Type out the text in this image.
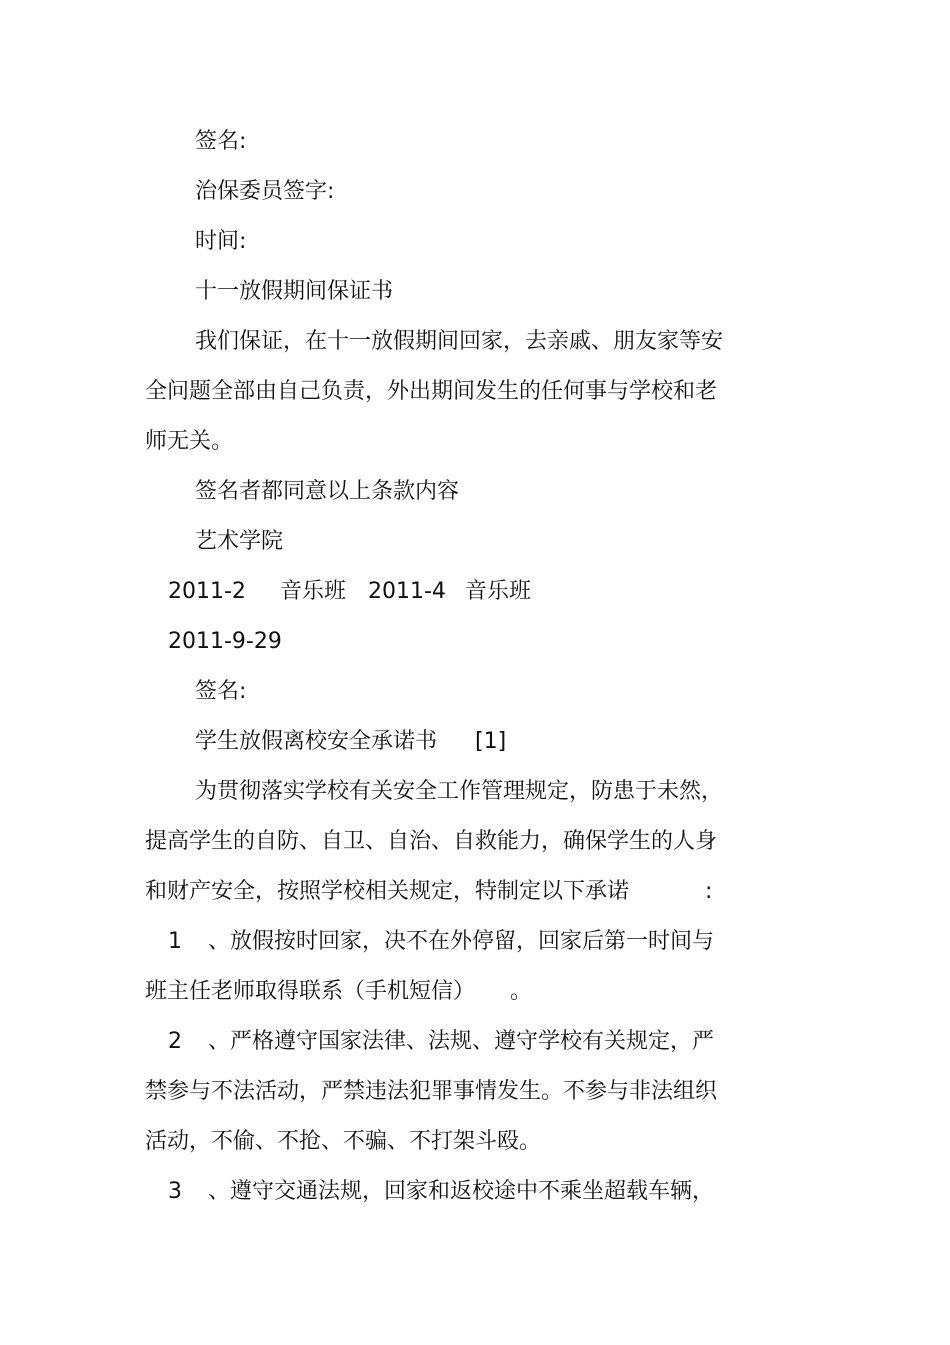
签名:
治保委员签字:
时间:
十一放假期间保证书
我们保证，在十一放假期间回家，去亲戚、朋友家等安
全问题全部由自己负责，外出期间发生的任何事与学校和老
师无关。
签名者都同意以上条款内容
艺术学院
2011-2 音乐班 2011-4 音乐班
2011-9-29
签名:
学生放假离校安全承诺书 [1]
为贯彻落实学校有关安全工作管理规定，防患于未然，
提高学生的自防、自卫、自治、自救能力，确保学生的人身
和财产安全，按照学校相关规定，特制定以下承诺	:
1 、放假按时回家，决不在外停留，回家后第一时间与
班主任老师取得联系（手机短信） 。
2 、严格遵守国家法律、法规、遵守学校有关规定，严
禁参与不法活动，严禁违法犯罪事情发生。不参与非法组织
活动，不偷、不抢、不骗、不打架斗殴。
3 、遵守交通法规，回家和返校途中不乘坐超载车辆，
